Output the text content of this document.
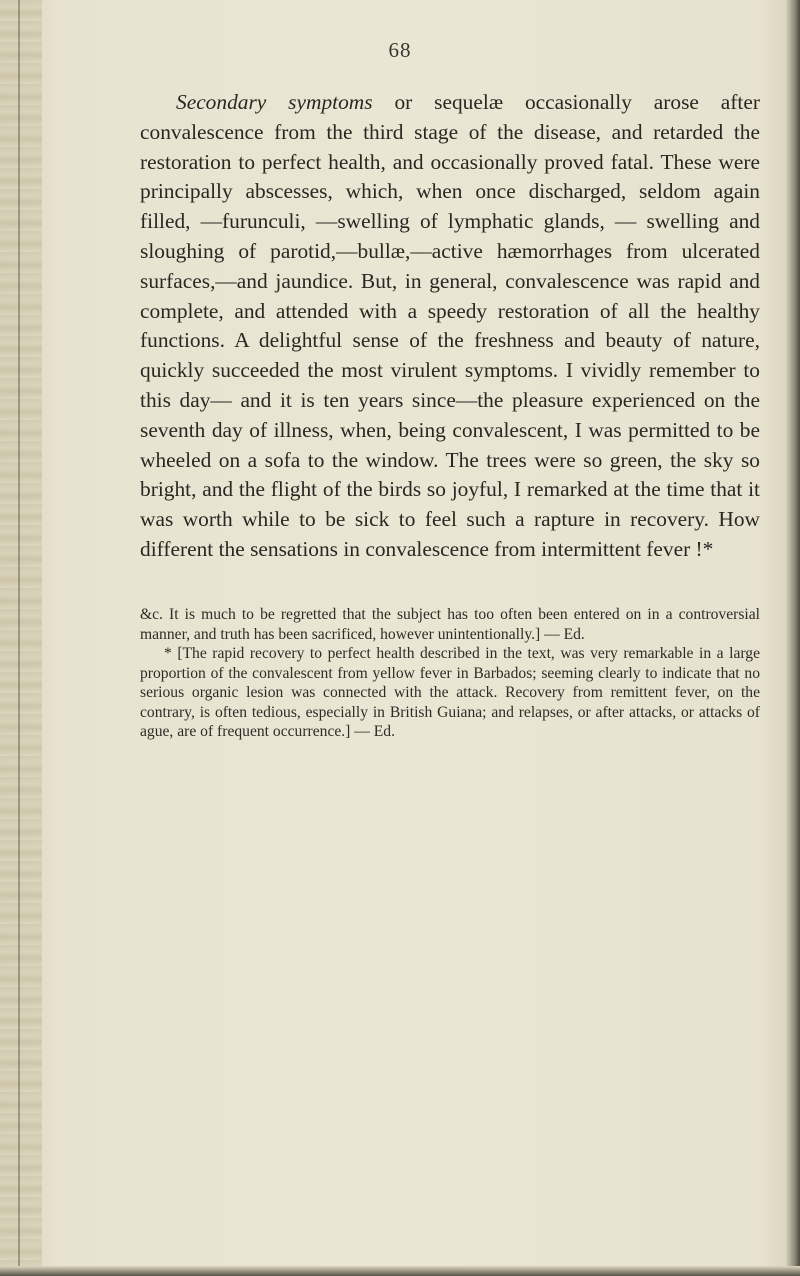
68

Secondary symptoms or sequelæ occasionally arose after convalescence from the third stage of the disease, and retarded the restoration to perfect health, and occasionally proved fatal. These were principally abscesses, which, when once discharged, seldom again filled, —furunculi, —swelling of lymphatic glands, — swelling and sloughing of parotid,—bullæ,—active hæmorrhages from ulcerated surfaces,—and jaundice. But, in general, convalescence was rapid and complete, and attended with a speedy restoration of all the healthy functions. A delightful sense of the freshness and beauty of nature, quickly succeeded the most virulent symptoms. I vividly remember to this day— and it is ten years since—the pleasure experienced on the seventh day of illness, when, being convalescent, I was permitted to be wheeled on a sofa to the window. The trees were so green, the sky so bright, and the flight of the birds so joyful, I remarked at the time that it was worth while to be sick to feel such a rapture in recovery. How different the sensations in convalescence from intermittent fever !*

&c. It is much to be regretted that the subject has too often been entered on in a controversial manner, and truth has been sacrificed, however unintentionally.] — Ed.

* [The rapid recovery to perfect health described in the text, was very remarkable in a large proportion of the convalescent from yellow fever in Barbados; seeming clearly to indicate that no serious organic lesion was connected with the attack. Recovery from remittent fever, on the contrary, is often tedious, especially in British Guiana; and relapses, or after attacks, or attacks of ague, are of frequent occurrence.] — Ed.
